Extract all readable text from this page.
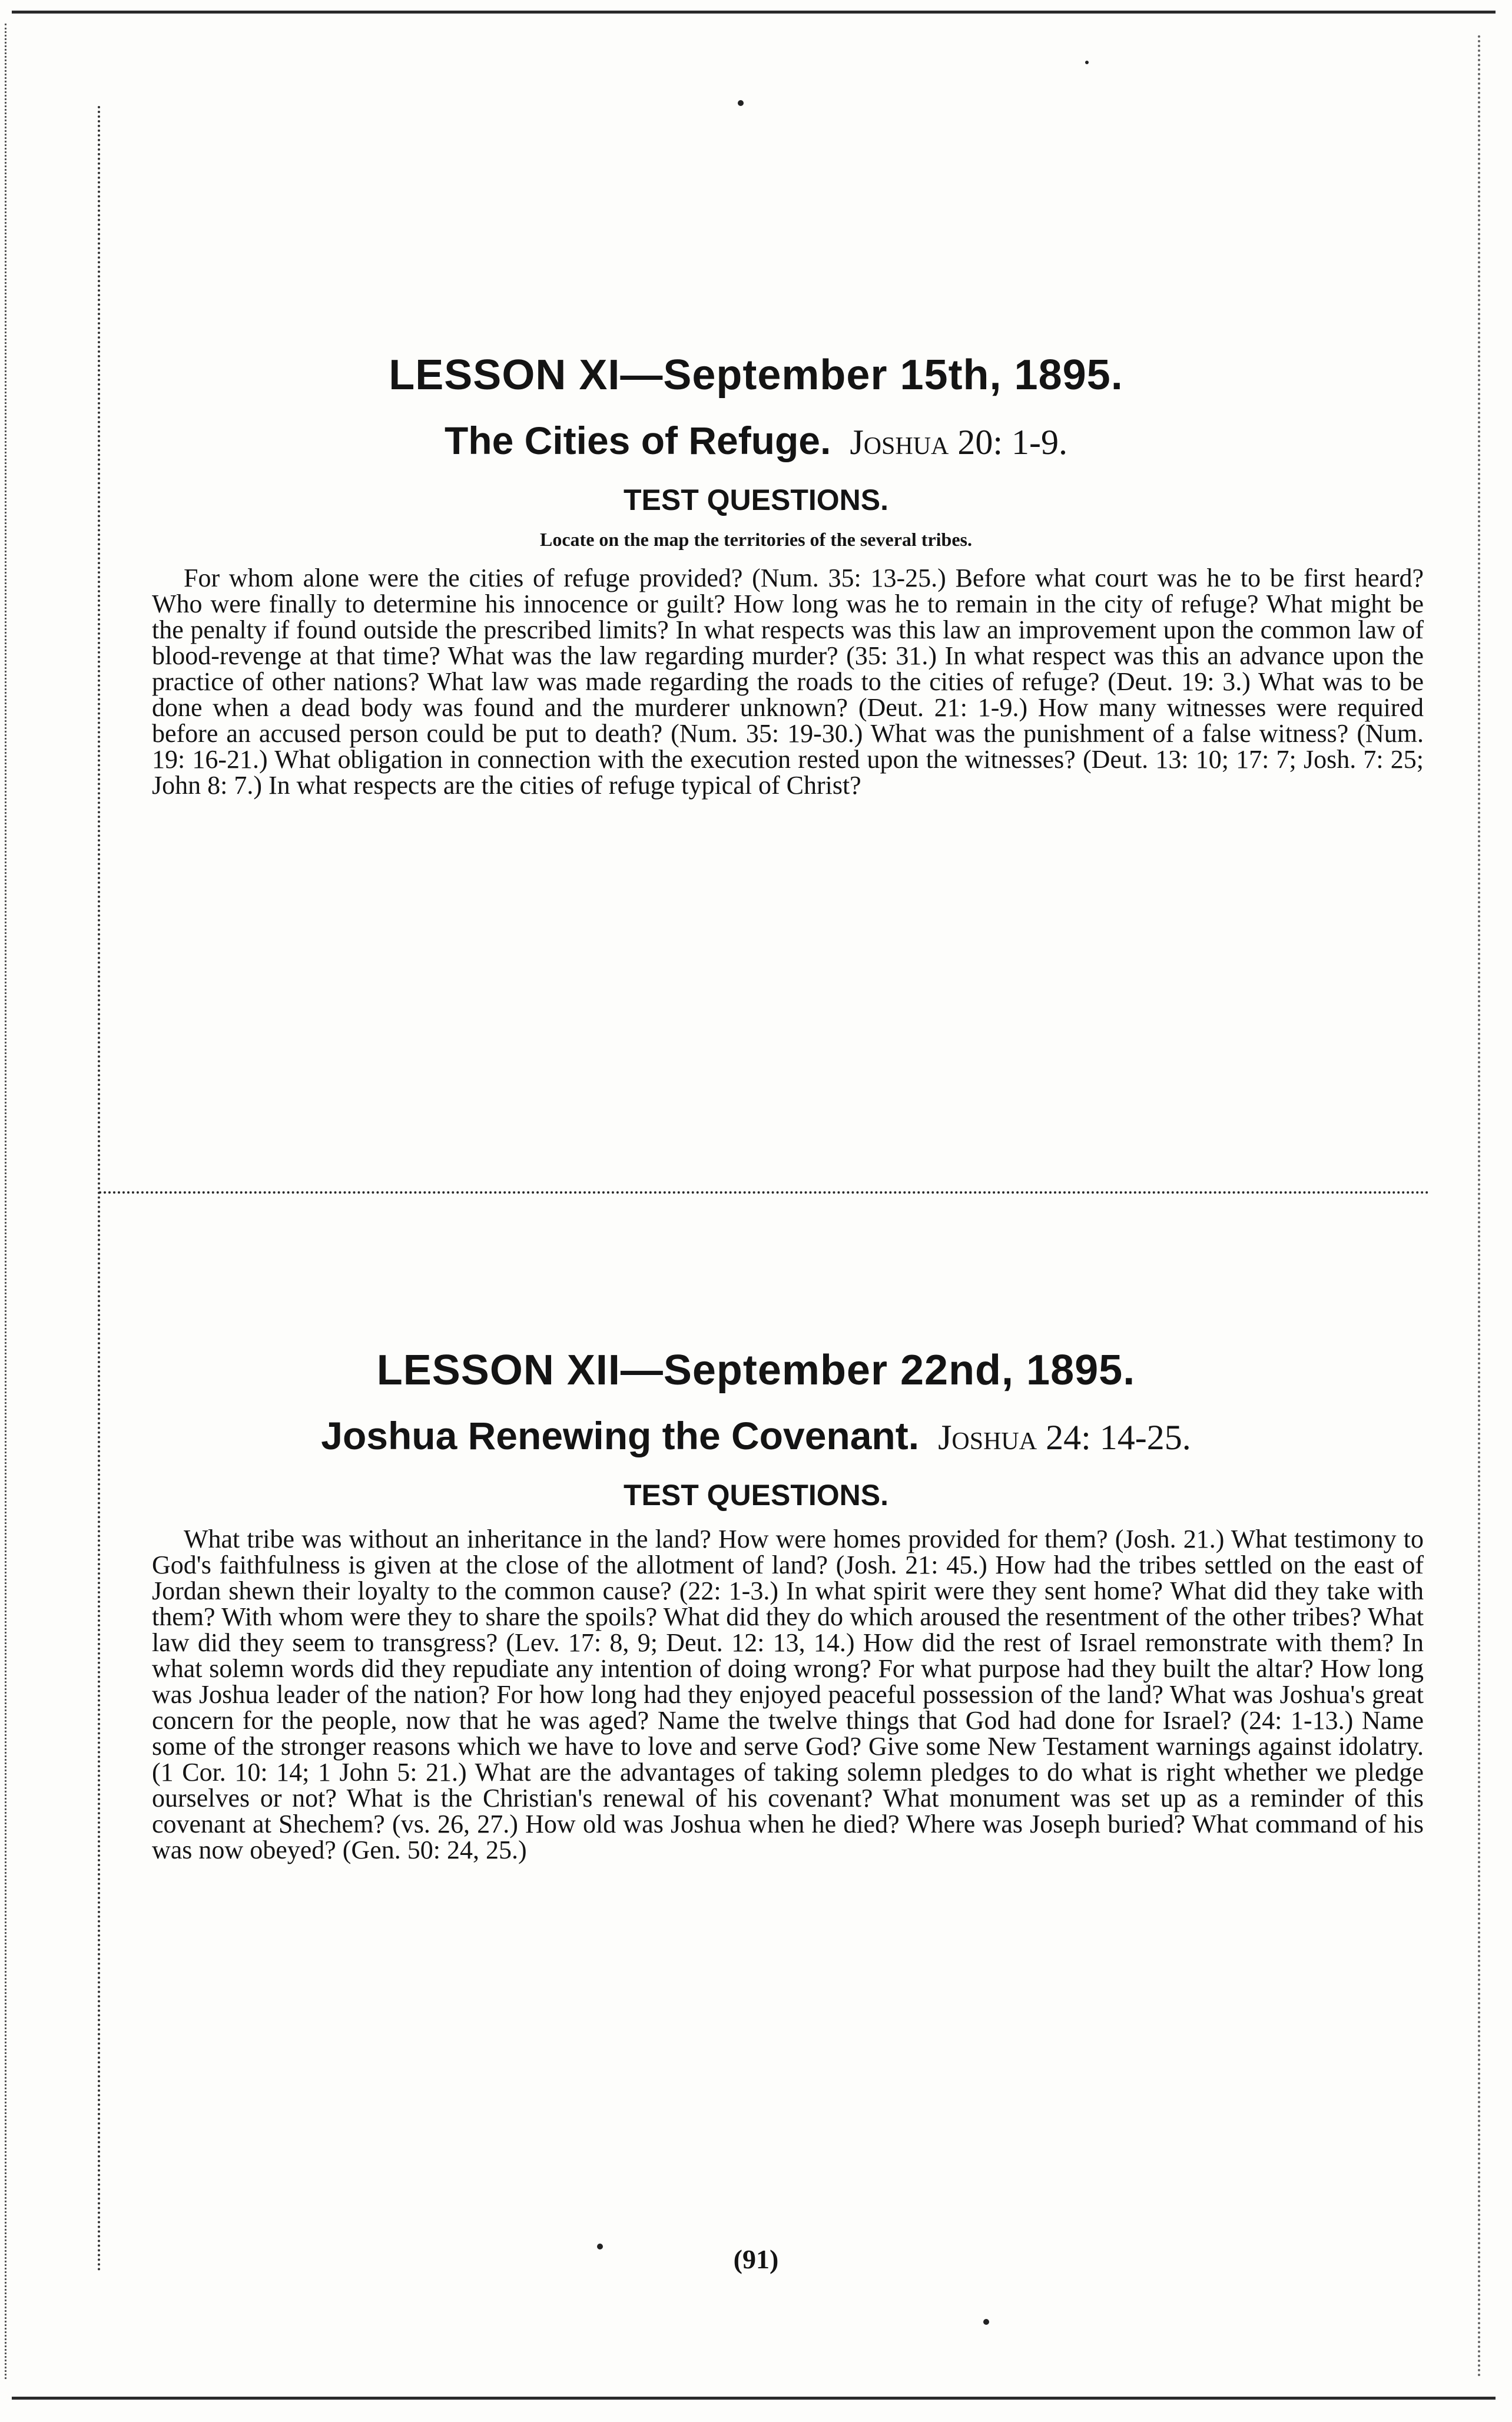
LESSON XI—September 15th, 1895.
The Cities of Refuge. Joshua 20: 1-9.
TEST QUESTIONS.
Locate on the map the territories of the several tribes.

For whom alone were the cities of refuge provided? (Num. 35: 13-25.) Before what court was he to be first heard? Who were finally to determine his innocence or guilt? How long was he to remain in the city of refuge? What might be the penalty if found outside the prescribed limits? In what respects was this law an improvement upon the common law of blood-revenge at that time? What was the law regarding murder? (35: 31.) In what respect was this an advance upon the practice of other nations? What law was made regarding the roads to the cities of refuge? (Deut. 19: 3.) What was to be done when a dead body was found and the murderer unknown? (Deut. 21: 1-9.) How many witnesses were required before an accused person could be put to death? (Num. 35: 19-30.) What was the punishment of a false witness? (Num. 19: 16-21.) What obligation in connection with the execution rested upon the witnesses? (Deut. 13: 10; 17: 7; Josh. 7: 25; John 8: 7.) In what respects are the cities of refuge typical of Christ?

LESSON XII—September 22nd, 1895.
Joshua Renewing the Covenant. Joshua 24: 14-25.
TEST QUESTIONS.

What tribe was without an inheritance in the land? How were homes provided for them? (Josh. 21.) What testimony to God's faithfulness is given at the close of the allotment of land? (Josh. 21: 45.) How had the tribes settled on the east of Jordan shewn their loyalty to the common cause? (22: 1-3.) In what spirit were they sent home? What did they take with them? With whom were they to share the spoils? What did they do which aroused the resentment of the other tribes? What law did they seem to transgress? (Lev. 17: 8, 9; Deut. 12: 13, 14.) How did the rest of Israel remonstrate with them? In what solemn words did they repudiate any intention of doing wrong? For what purpose had they built the altar? How long was Joshua leader of the nation? For how long had they enjoyed peaceful possession of the land? What was Joshua's great concern for the people, now that he was aged? Name the twelve things that God had done for Israel? (24: 1-13.) Name some of the stronger reasons which we have to love and serve God? Give some New Testament warnings against idolatry. (1 Cor. 10: 14; 1 John 5: 21.) What are the advantages of taking solemn pledges to do what is right whether we pledge ourselves or not? What is the Christian's renewal of his covenant? What monument was set up as a reminder of this covenant at Shechem? (vs. 26, 27.) How old was Joshua when he died? Where was Joseph buried? What command of his was now obeyed? (Gen. 50: 24, 25.)

(91)
